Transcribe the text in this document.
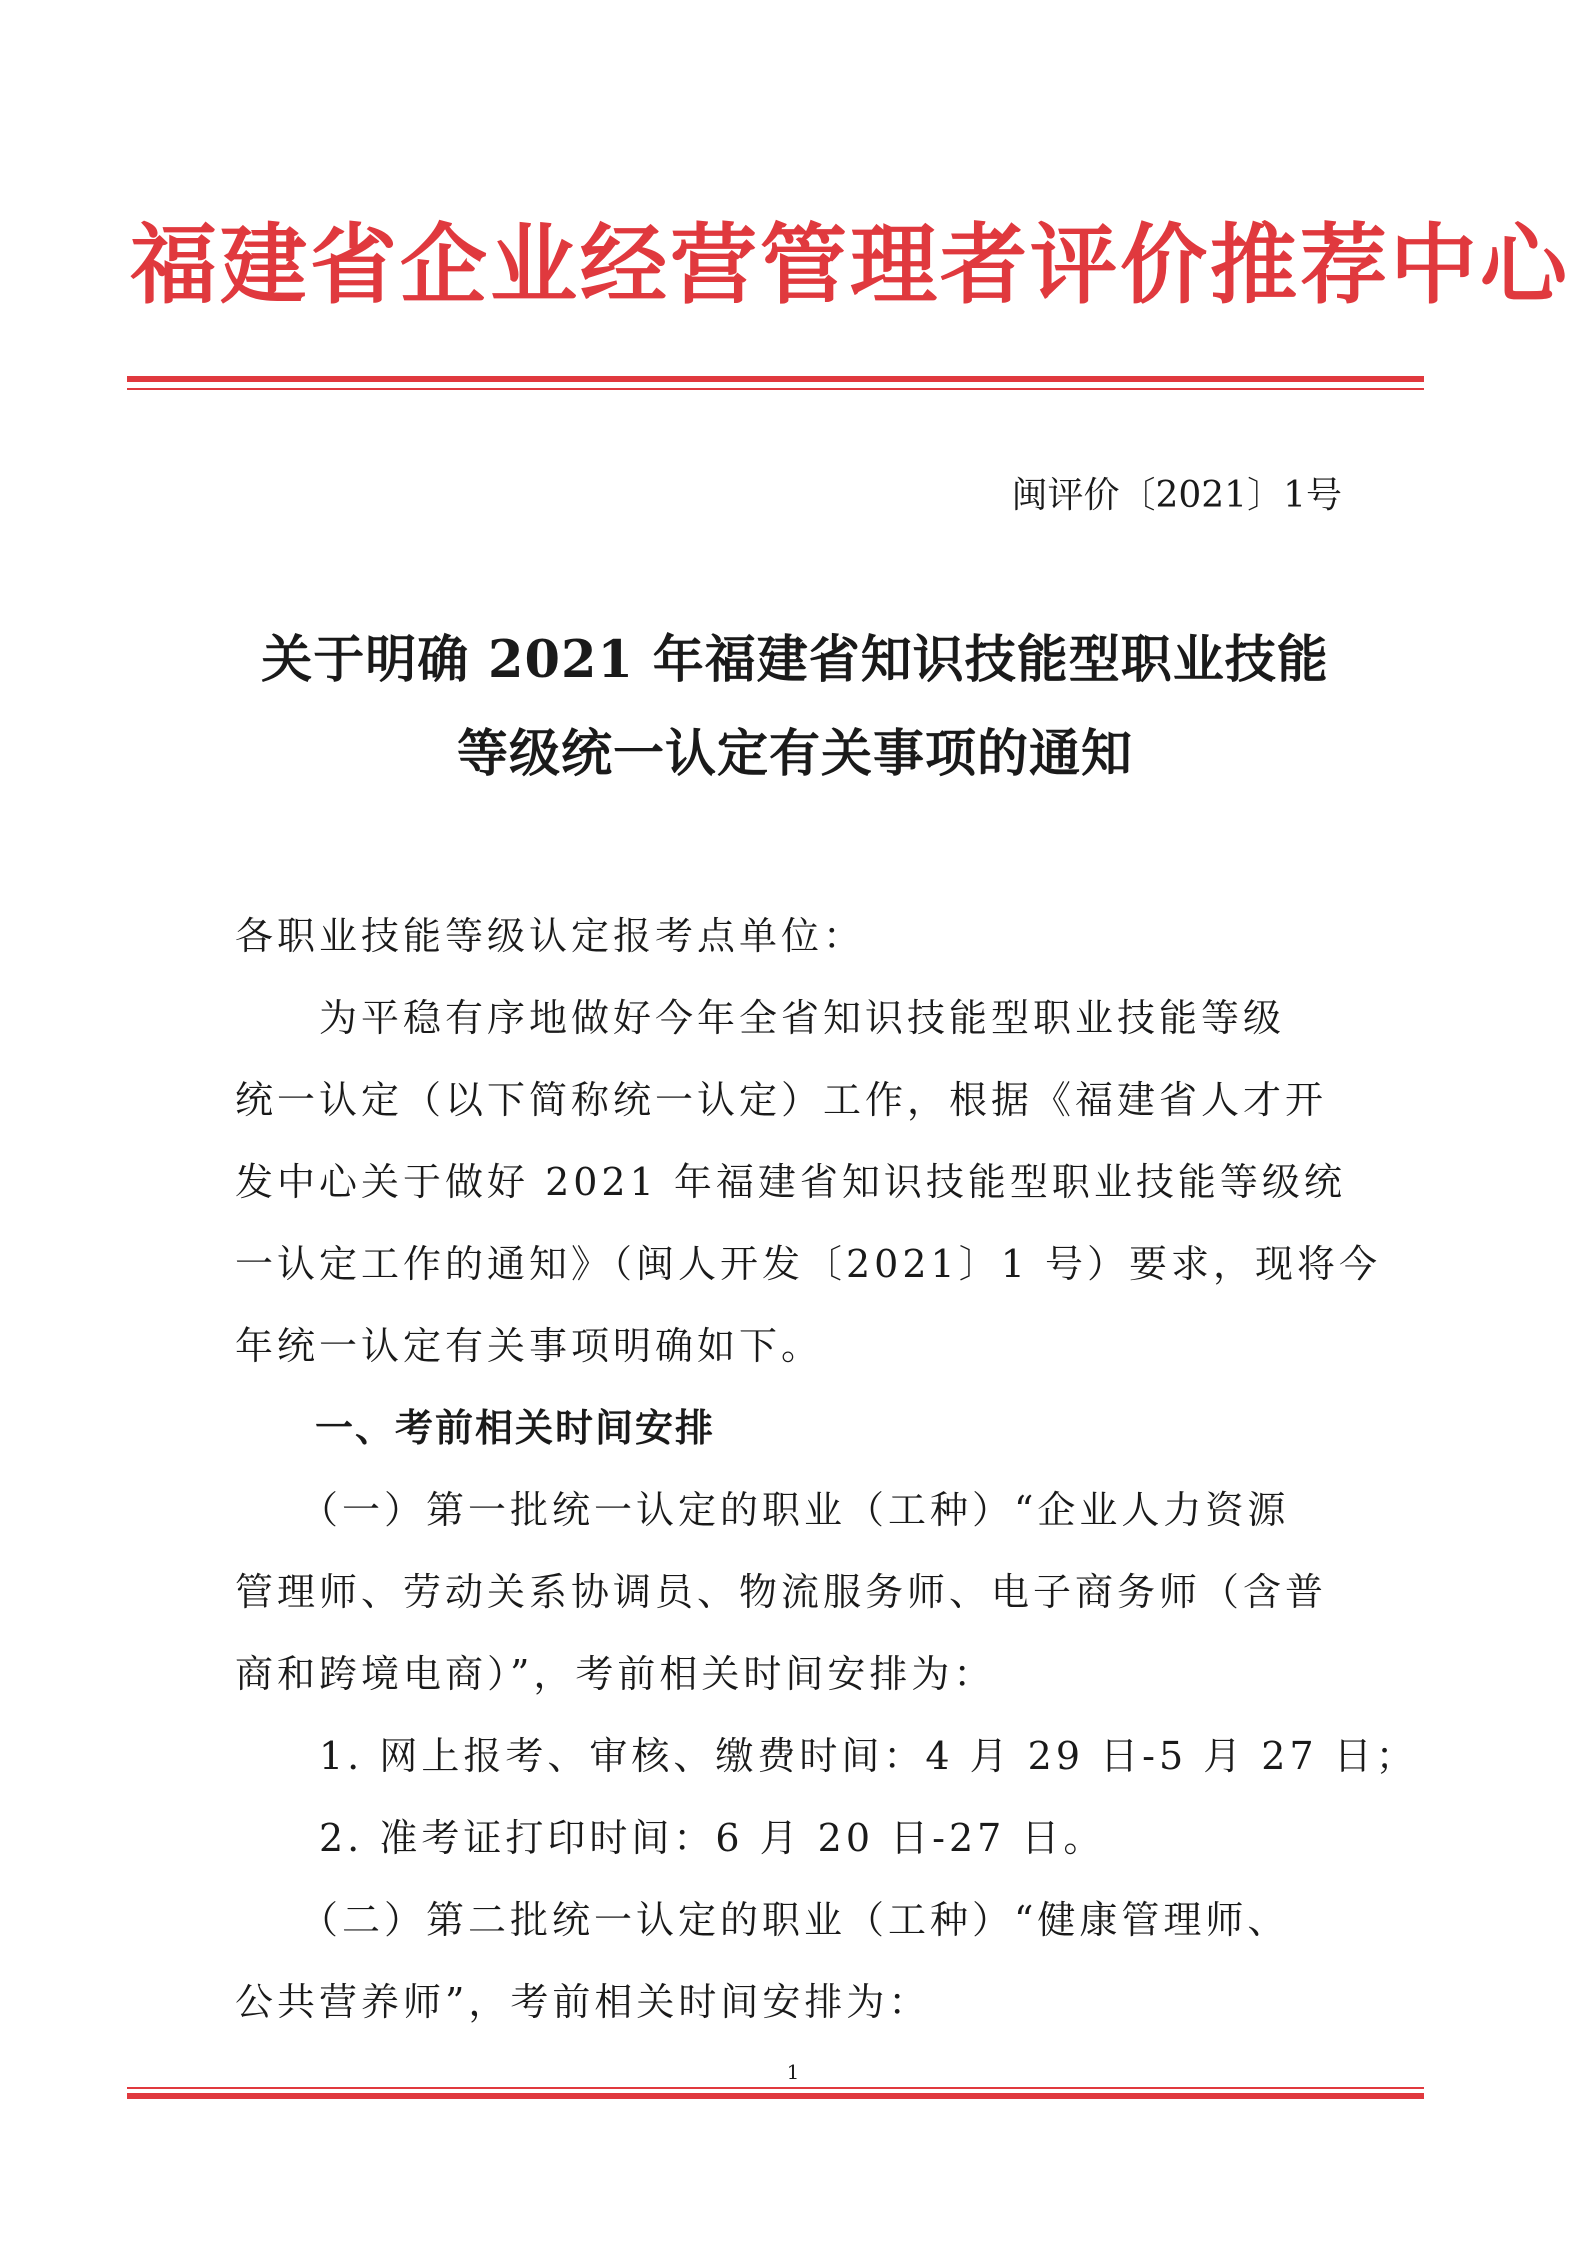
福建省企业经营管理者评价推荐中心
闽评价〔2021〕1号
关于明确 2021 年福建省知识技能型职业技能
等级统一认定有关事项的通知
各职业技能等级认定报考点单位：
　　为平稳有序地做好今年全省知识技能型职业技能等级
统一认定（以下简称统一认定）工作，根据《福建省人才开
发中心关于做好 2021 年福建省知识技能型职业技能等级统
一认定工作的通知》（闽人开发〔2021〕1 号）要求，现将今
年统一认定有关事项明确如下。
　　一、考前相关时间安排
　　（一）第一批统一认定的职业（工种）“企业人力资源
管理师、劳动关系协调员、物流服务师、电子商务师（含普
商和跨境电商）”，考前相关时间安排为：
　　1. 网上报考、审核、缴费时间：4 月 29 日-5 月 27 日；
　　2. 准考证打印时间：6 月 20 日-27 日。
　　（二）第二批统一认定的职业（工种）“健康管理师、
公共营养师”，考前相关时间安排为：
1
